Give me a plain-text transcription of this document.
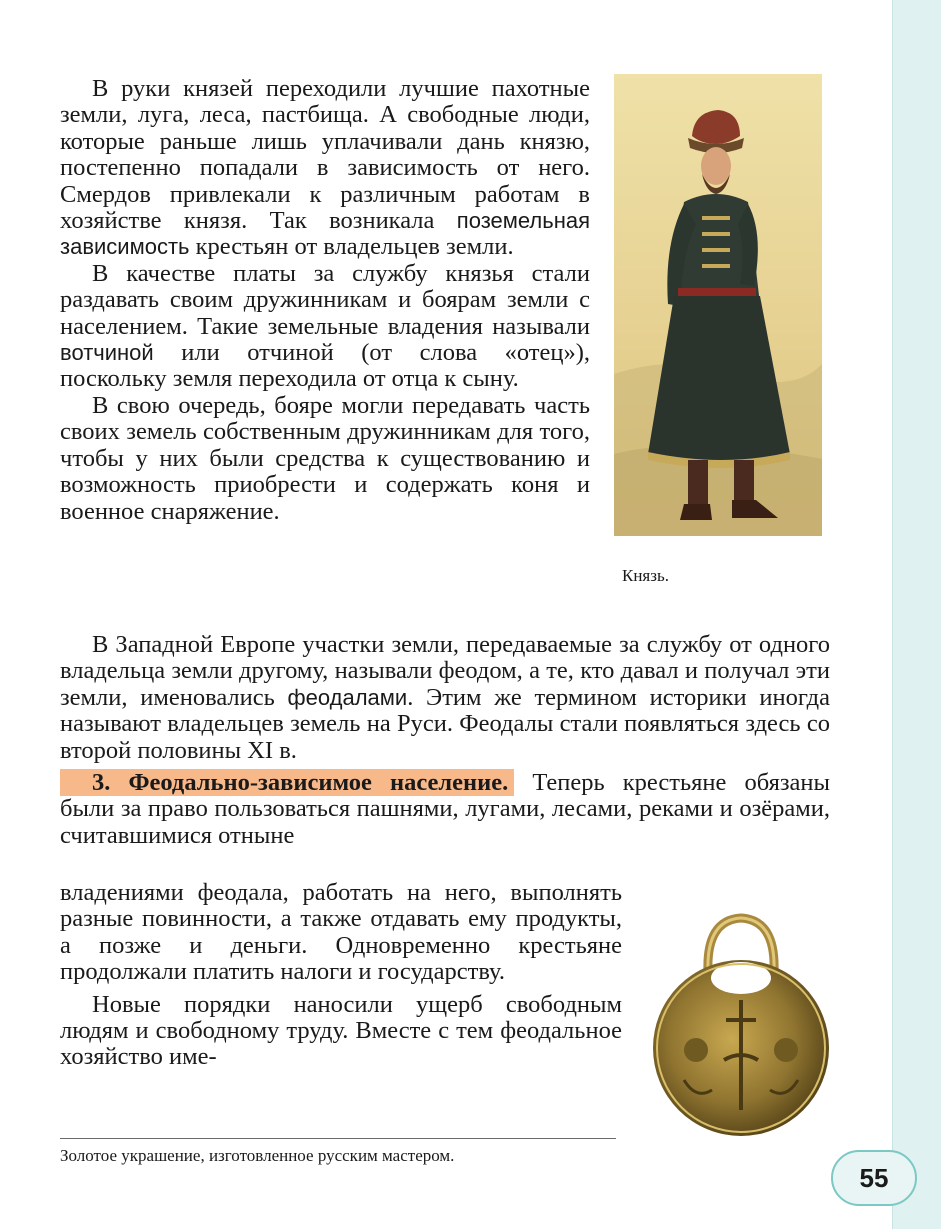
В руки князей переходили лучшие пахотные земли, луга, леса, пастбища. А свободные люди, которые раньше лишь уплачивали дань князю, постепенно попадали в зависимость от него. Смердов привлекали к различным работам в хозяйстве князя. Так возникала поземельная зависимость крестьян от владельцев земли.

В качестве платы за службу князья стали раздавать своим дружинникам и боярам земли с населением. Такие земельные владения называли вотчиной или отчиной (от слова «отец»), поскольку земля переходила от отца к сыну.

В свою очередь, бояре могли передавать часть своих земель собственным дружинникам для того, чтобы у них были средства к существованию и возможность приобрести и содержать коня и военное снаряжение.

Князь.

В Западной Европе участки земли, передаваемые за службу от одного владельца земли другому, называли феодом, а те, кто давал и получал эти земли, именовались феодалами. Этим же термином историки иногда называют владельцев земель на Руси. Феодалы стали появляться здесь со второй половины XI в.

3. Феодально-зависимое население. Теперь крестьяне обязаны были за право пользоваться пашнями, лугами, лесами, реками и озёрами, считавшимися отныне

владениями феодала, работать на него, выполнять разные повинности, а также отдавать ему продукты, а позже и деньги. Одновременно крестьяне продолжали платить налоги и государству.

Новые порядки наносили ущерб свободным людям и свободному труду. Вместе с тем феодальное хозяйство име-

Золотое украшение, изготовленное русским мастером.
55
